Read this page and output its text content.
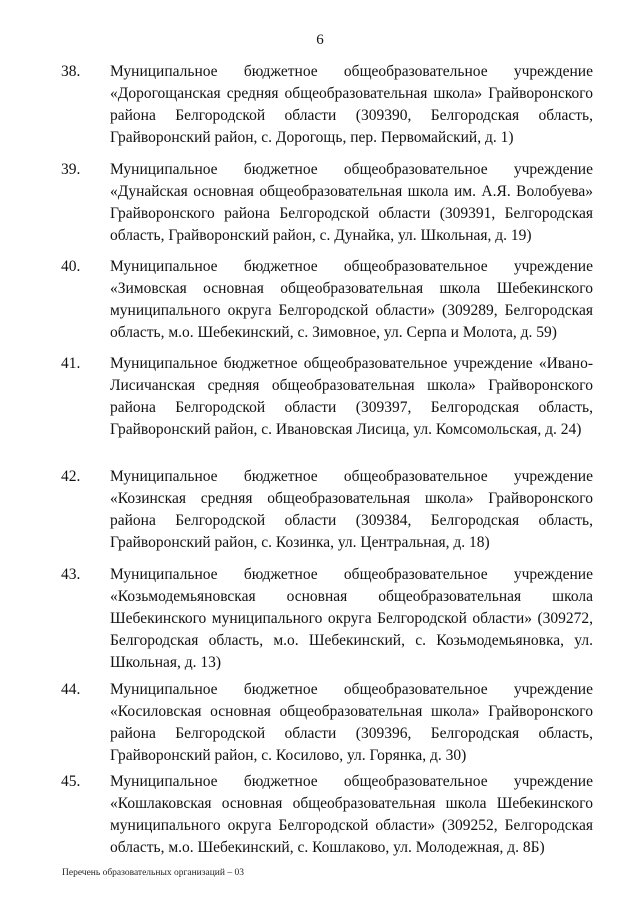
6
38. Муниципальное бюджетное общеобразовательное учреждение «Дорогощанская средняя общеобразовательная школа» Грайворонского района Белгородской области (309390, Белгородская область, Грайворонский район, с. Дорогощь, пер. Первомайский, д. 1)

39. Муниципальное бюджетное общеобразовательное учреждение «Дунайская основная общеобразовательная школа им. А.Я. Волобуева» Грайворонского района Белгородской области (309391, Белгородская область, Грайворонский район, с. Дунайка, ул. Школьная, д. 19)

40. Муниципальное бюджетное общеобразовательное учреждение «Зимовская основная общеобразовательная школа Шебекинского муниципального округа Белгородской области» (309289, Белгородская область, м.о. Шебекинский, с. Зимовное, ул. Серпа и Молота, д. 59)

41. Муниципальное бюджетное общеобразовательное учреждение «Ивано-Лисичанская средняя общеобразовательная школа» Грайворонского района Белгородской области (309397, Белгородская область, Грайворонский район, с. Ивановская Лисица, ул. Комсомольская, д. 24)

42. Муниципальное бюджетное общеобразовательное учреждение «Козинская средняя общеобразовательная школа» Грайворонского района Белгородской области (309384, Белгородская область, Грайворонский район, с. Козинка, ул. Центральная, д. 18)

43. Муниципальное бюджетное общеобразовательное учреждение «Козьмодемьяновская основная общеобразовательная школа Шебекинского муниципального округа Белгородской области» (309272, Белгородская область, м.о. Шебекинский, с. Козьмодемьяновка, ул. Школьная, д. 13)

44. Муниципальное бюджетное общеобразовательное учреждение «Косиловская основная общеобразовательная школа» Грайворонского района Белгородской области (309396, Белгородская область, Грайворонский район, с. Косилово, ул. Горянка, д. 30)

45. Муниципальное бюджетное общеобразовательное учреждение «Кошлаковская основная общеобразовательная школа Шебекинского муниципального округа Белгородской области» (309252, Белгородская область, м.о. Шебекинский, с. Кошлаково, ул. Молодежная, д. 8Б)

Перечень образовательных организаций – 03
